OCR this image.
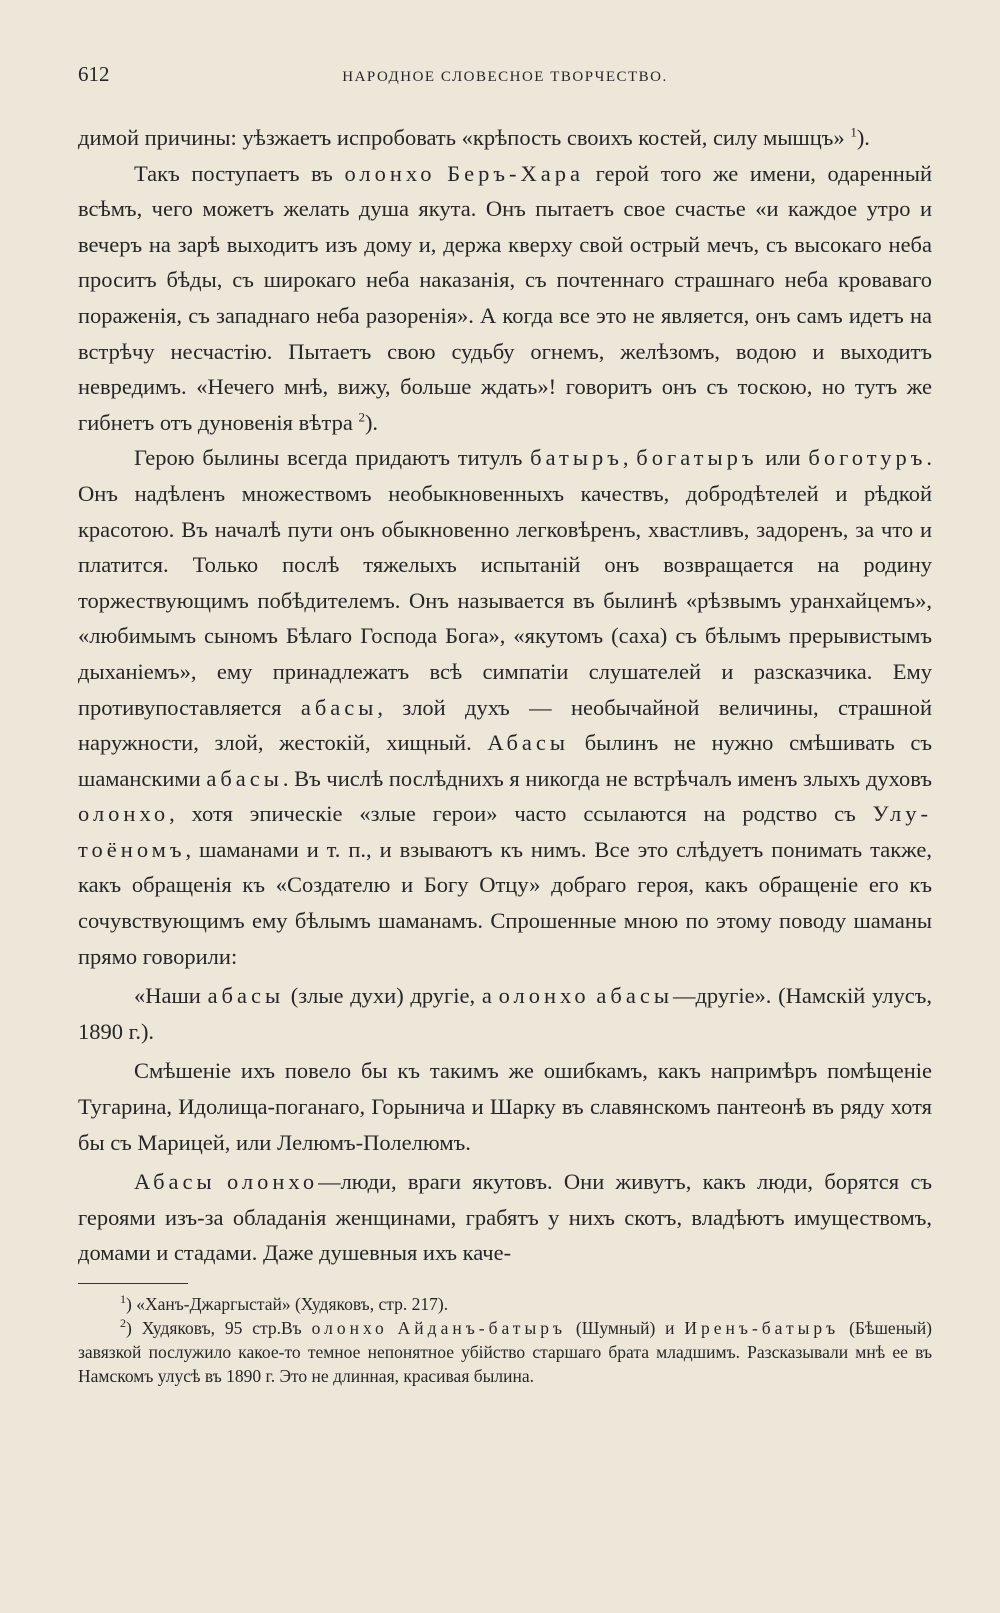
612	НАРОДНОЕ СЛОВЕСНОЕ ТВОРЧЕСТВО.

димой причины: уѣзжаетъ испробовать «крѣпость своихъ костей, силу мышцъ» $^1$).

Такъ поступаетъ въ олонхо Беръ-Хара герой того же имени, одаренный всѣмъ, чего можетъ желать душа якута. Онъ пытаетъ свое счастье «и каждое утро и вечеръ на зарѣ выходитъ изъ дому и, держа кверху свой острый мечъ, съ высокаго неба проситъ бѣды, съ широкаго неба наказанія, съ почтеннаго страшнаго неба кроваваго пораженія, съ западнаго неба разоренія». А когда все это не является, онъ самъ идетъ на встрѣчу несчастію. Пытаетъ свою судьбу огнемъ, желѣзомъ, водою и выходитъ невредимъ. «Нечего мнѣ, вижу, больше ждать»! говоритъ онъ съ тоскою, но тутъ же гибнетъ отъ дуновенія вѣтра $^2$).

Герою былины всегда придаютъ титулъ батыръ, богатыръ или боготуръ. Онъ надѣленъ множествомъ необыкновенныхъ качествъ, добродѣтелей и рѣдкой красотою. Въ началѣ пути онъ обыкновенно легковѣренъ, хвастливъ, задоренъ, за что и платится. Только послѣ тяжелыхъ испытаній онъ возвращается на родину торжествующимъ побѣдителемъ. Онъ называется въ былинѣ «рѣзвымъ уранхайцемъ», «любимымъ сыномъ Бѣлаго Господа Бога», «якутомъ (саха) съ бѣлымъ прерывистымъ дыханіемъ», ему принадлежатъ всѣ симпатіи слушателей и разсказчика. Ему противупоставляется абасы, злой духъ — необычайной величины, страшной наружности, злой, жестокій, хищный. Абасы былинъ не нужно смѣшивать съ шаманскими абасы. Въ числѣ послѣднихъ я никогда не встрѣчалъ именъ злыхъ духовъ олонхо, хотя эпическіе «злые герои» часто ссылаются на родство съ Улу-тоёномъ, шаманами и т. п., и взываютъ къ нимъ. Все это слѣдуетъ понимать также, какъ обращенія къ «Создателю и Богу Отцу» добраго героя, какъ обращеніе его къ сочувствующимъ ему бѣлымъ шаманамъ. Спрошенные мною по этому поводу шаманы прямо говорили:

«Наши абасы (злые духи) другіе, а олонхо абасы—другіе». (Намскій улусъ, 1890 г.).

Смѣшеніе ихъ повело бы къ такимъ же ошибкамъ, какъ напримѣръ помѣщеніе Тугарина, Идолища-поганаго, Горынича и Шарку въ славянскомъ пантеонѣ въ ряду хотя бы съ Марицей, или Лелюмъ-Полелюмъ.

Абасы олонхо—люди, враги якутовъ. Они живутъ, какъ люди, борятся съ героями изъ-за обладанія женщинами, грабятъ у нихъ скотъ, владѣютъ имуществомъ, домами и стадами. Даже душевныя ихъ каче-

$^1$) «Ханъ-Джаргыстай» (Худяковъ, стр. 217).

$^2$) Худяковъ, 95 стр.Въ олонхо Айданъ-батыръ (Шумный) и Иренъ-батыръ (Бѣшеный) завязкой послужило какое-то темное непонятное убійство старшаго брата младшимъ. Разсказывали мнѣ ее въ Намскомъ улусѣ въ 1890 г. Это не длинная, красивая былина.
